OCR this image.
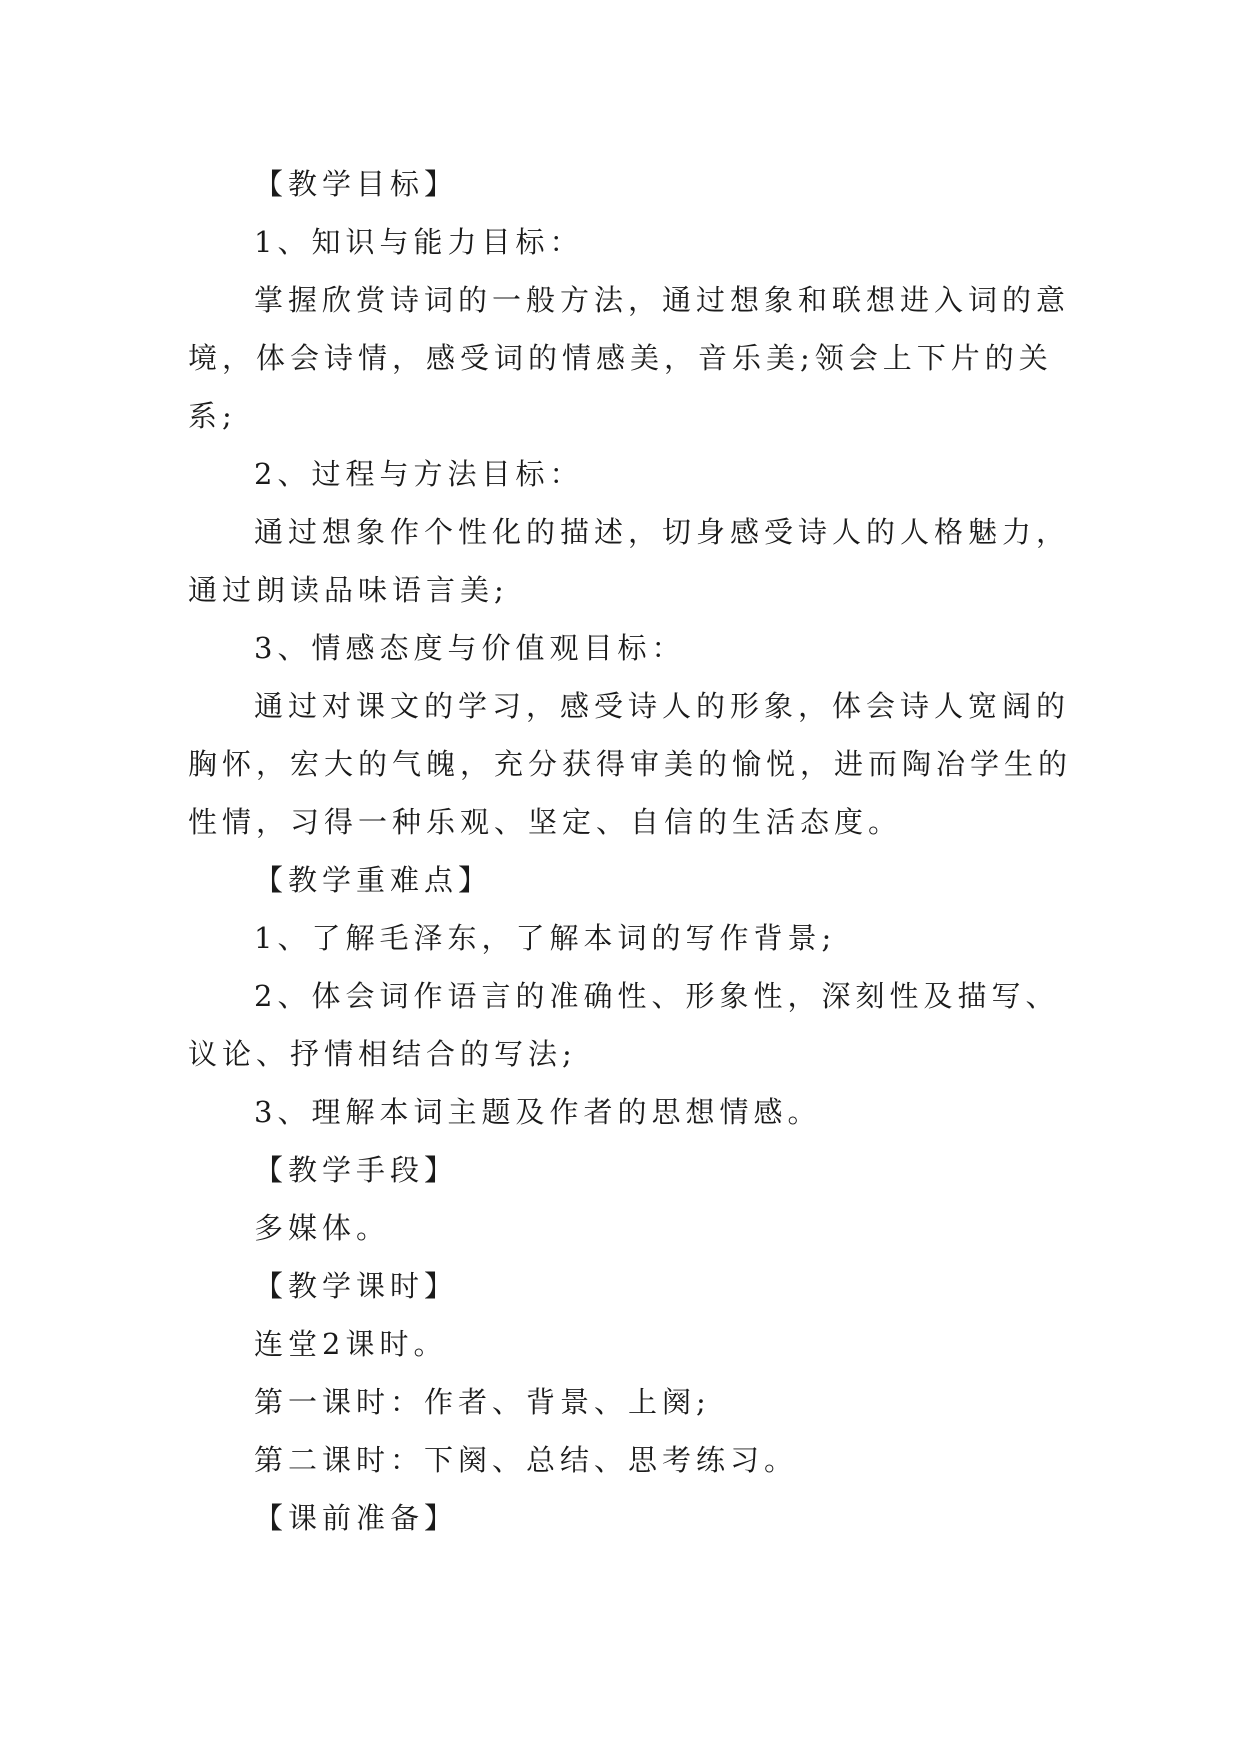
【教学目标】
1、知识与能力目标：
掌握欣赏诗词的一般方法，通过想象和联想进入词的意
境，体会诗情，感受词的情感美，音乐美;领会上下片的关
系;
2、过程与方法目标：
通过想象作个性化的描述，切身感受诗人的人格魅力，
通过朗读品味语言美;
3、情感态度与价值观目标：
通过对课文的学习，感受诗人的形象，体会诗人宽阔的
胸怀，宏大的气魄，充分获得审美的愉悦，进而陶冶学生的
性情，习得一种乐观、坚定、自信的生活态度。
【教学重难点】
1、了解毛泽东，了解本词的写作背景;
2、体会词作语言的准确性、形象性，深刻性及描写、
议论、抒情相结合的写法;
3、理解本词主题及作者的思想情感。
【教学手段】
多媒体。
【教学课时】
连堂2课时。
第一课时：作者、背景、上阕;
第二课时：下阕、总结、思考练习。
【课前准备】
